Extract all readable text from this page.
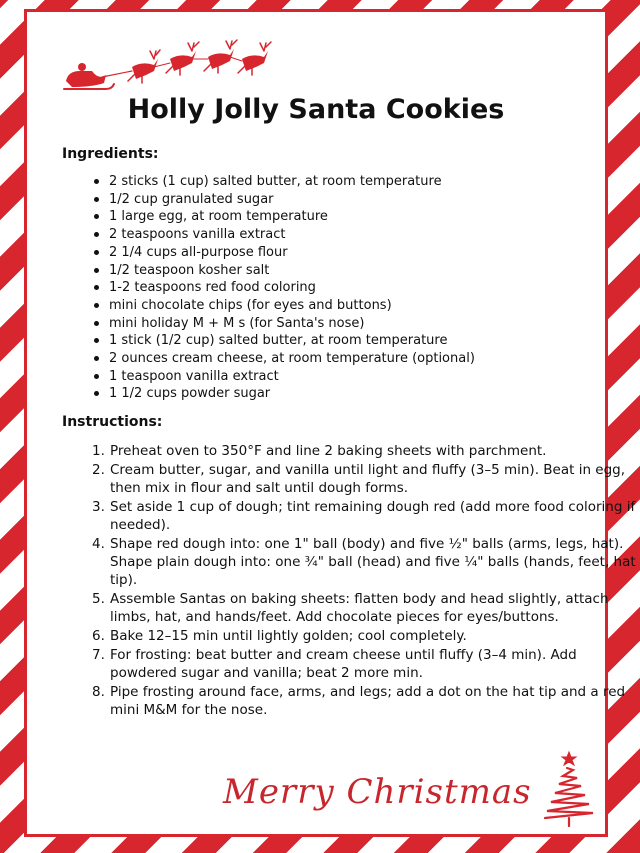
Holly Jolly Santa Cookies
Ingredients:
2 sticks (1 cup) salted butter, at room temperature
1/2 cup granulated sugar
1 large egg, at room temperature
2 teaspoons vanilla extract
2 1/4 cups all-purpose flour
1/2 teaspoon kosher salt
1-2 teaspoons red food coloring
mini chocolate chips (for eyes and buttons)
mini holiday M + M s (for Santa's nose)
1 stick (1/2 cup) salted butter, at room temperature
2 ounces cream cheese, at room temperature (optional)
1 teaspoon vanilla extract
1 1/2 cups powder sugar
Instructions:
1. Preheat oven to 350°F and line 2 baking sheets with parchment.
2. Cream butter, sugar, and vanilla until light and fluffy (3–5 min). Beat in egg, then mix in flour and salt until dough forms.
3. Set aside 1 cup of dough; tint remaining dough red (add more food coloring if needed).
4. Shape red dough into: one 1" ball (body) and five ½" balls (arms, legs, hat). Shape plain dough into: one ¾" ball (head) and five ¼" balls (hands, feet, hat tip).
5. Assemble Santas on baking sheets: flatten body and head slightly, attach limbs, hat, and hands/feet. Add chocolate pieces for eyes/buttons.
6. Bake 12–15 min until lightly golden; cool completely.
7. For frosting: beat butter and cream cheese until fluffy (3–4 min). Add powdered sugar and vanilla; beat 2 more min.
8. Pipe frosting around face, arms, and legs; add a dot on the hat tip and a red mini M&M for the nose.
Merry Christmas
